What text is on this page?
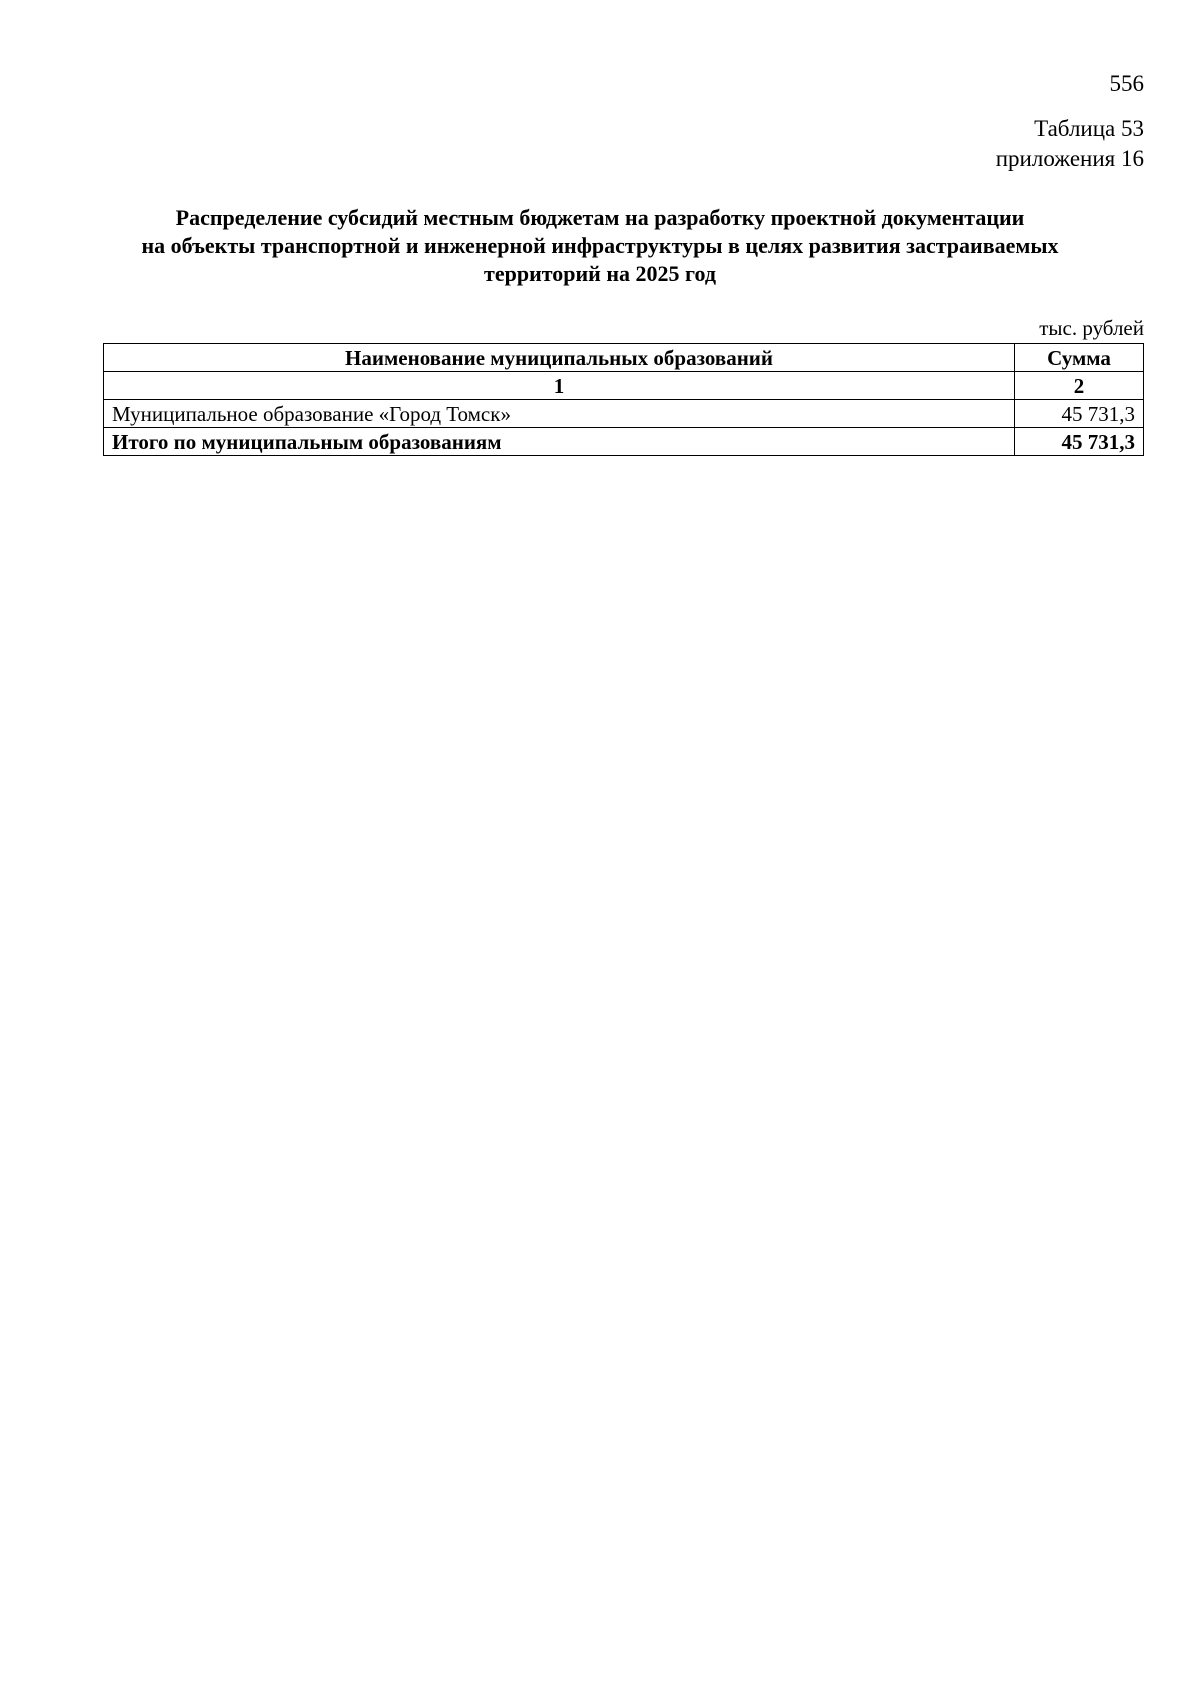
556
Таблица 53
приложения 16
Распределение субсидий местным бюджетам на разработку проектной документации
на объекты транспортной и инженерной инфраструктуры в целях развития застраиваемых
территорий на 2025 год
тыс. рублей
Наименование муниципальных образований	Сумма
1	2
Муниципальное образование «Город Томск»	45 731,3
Итого по муниципальным образованиям	45 731,3
